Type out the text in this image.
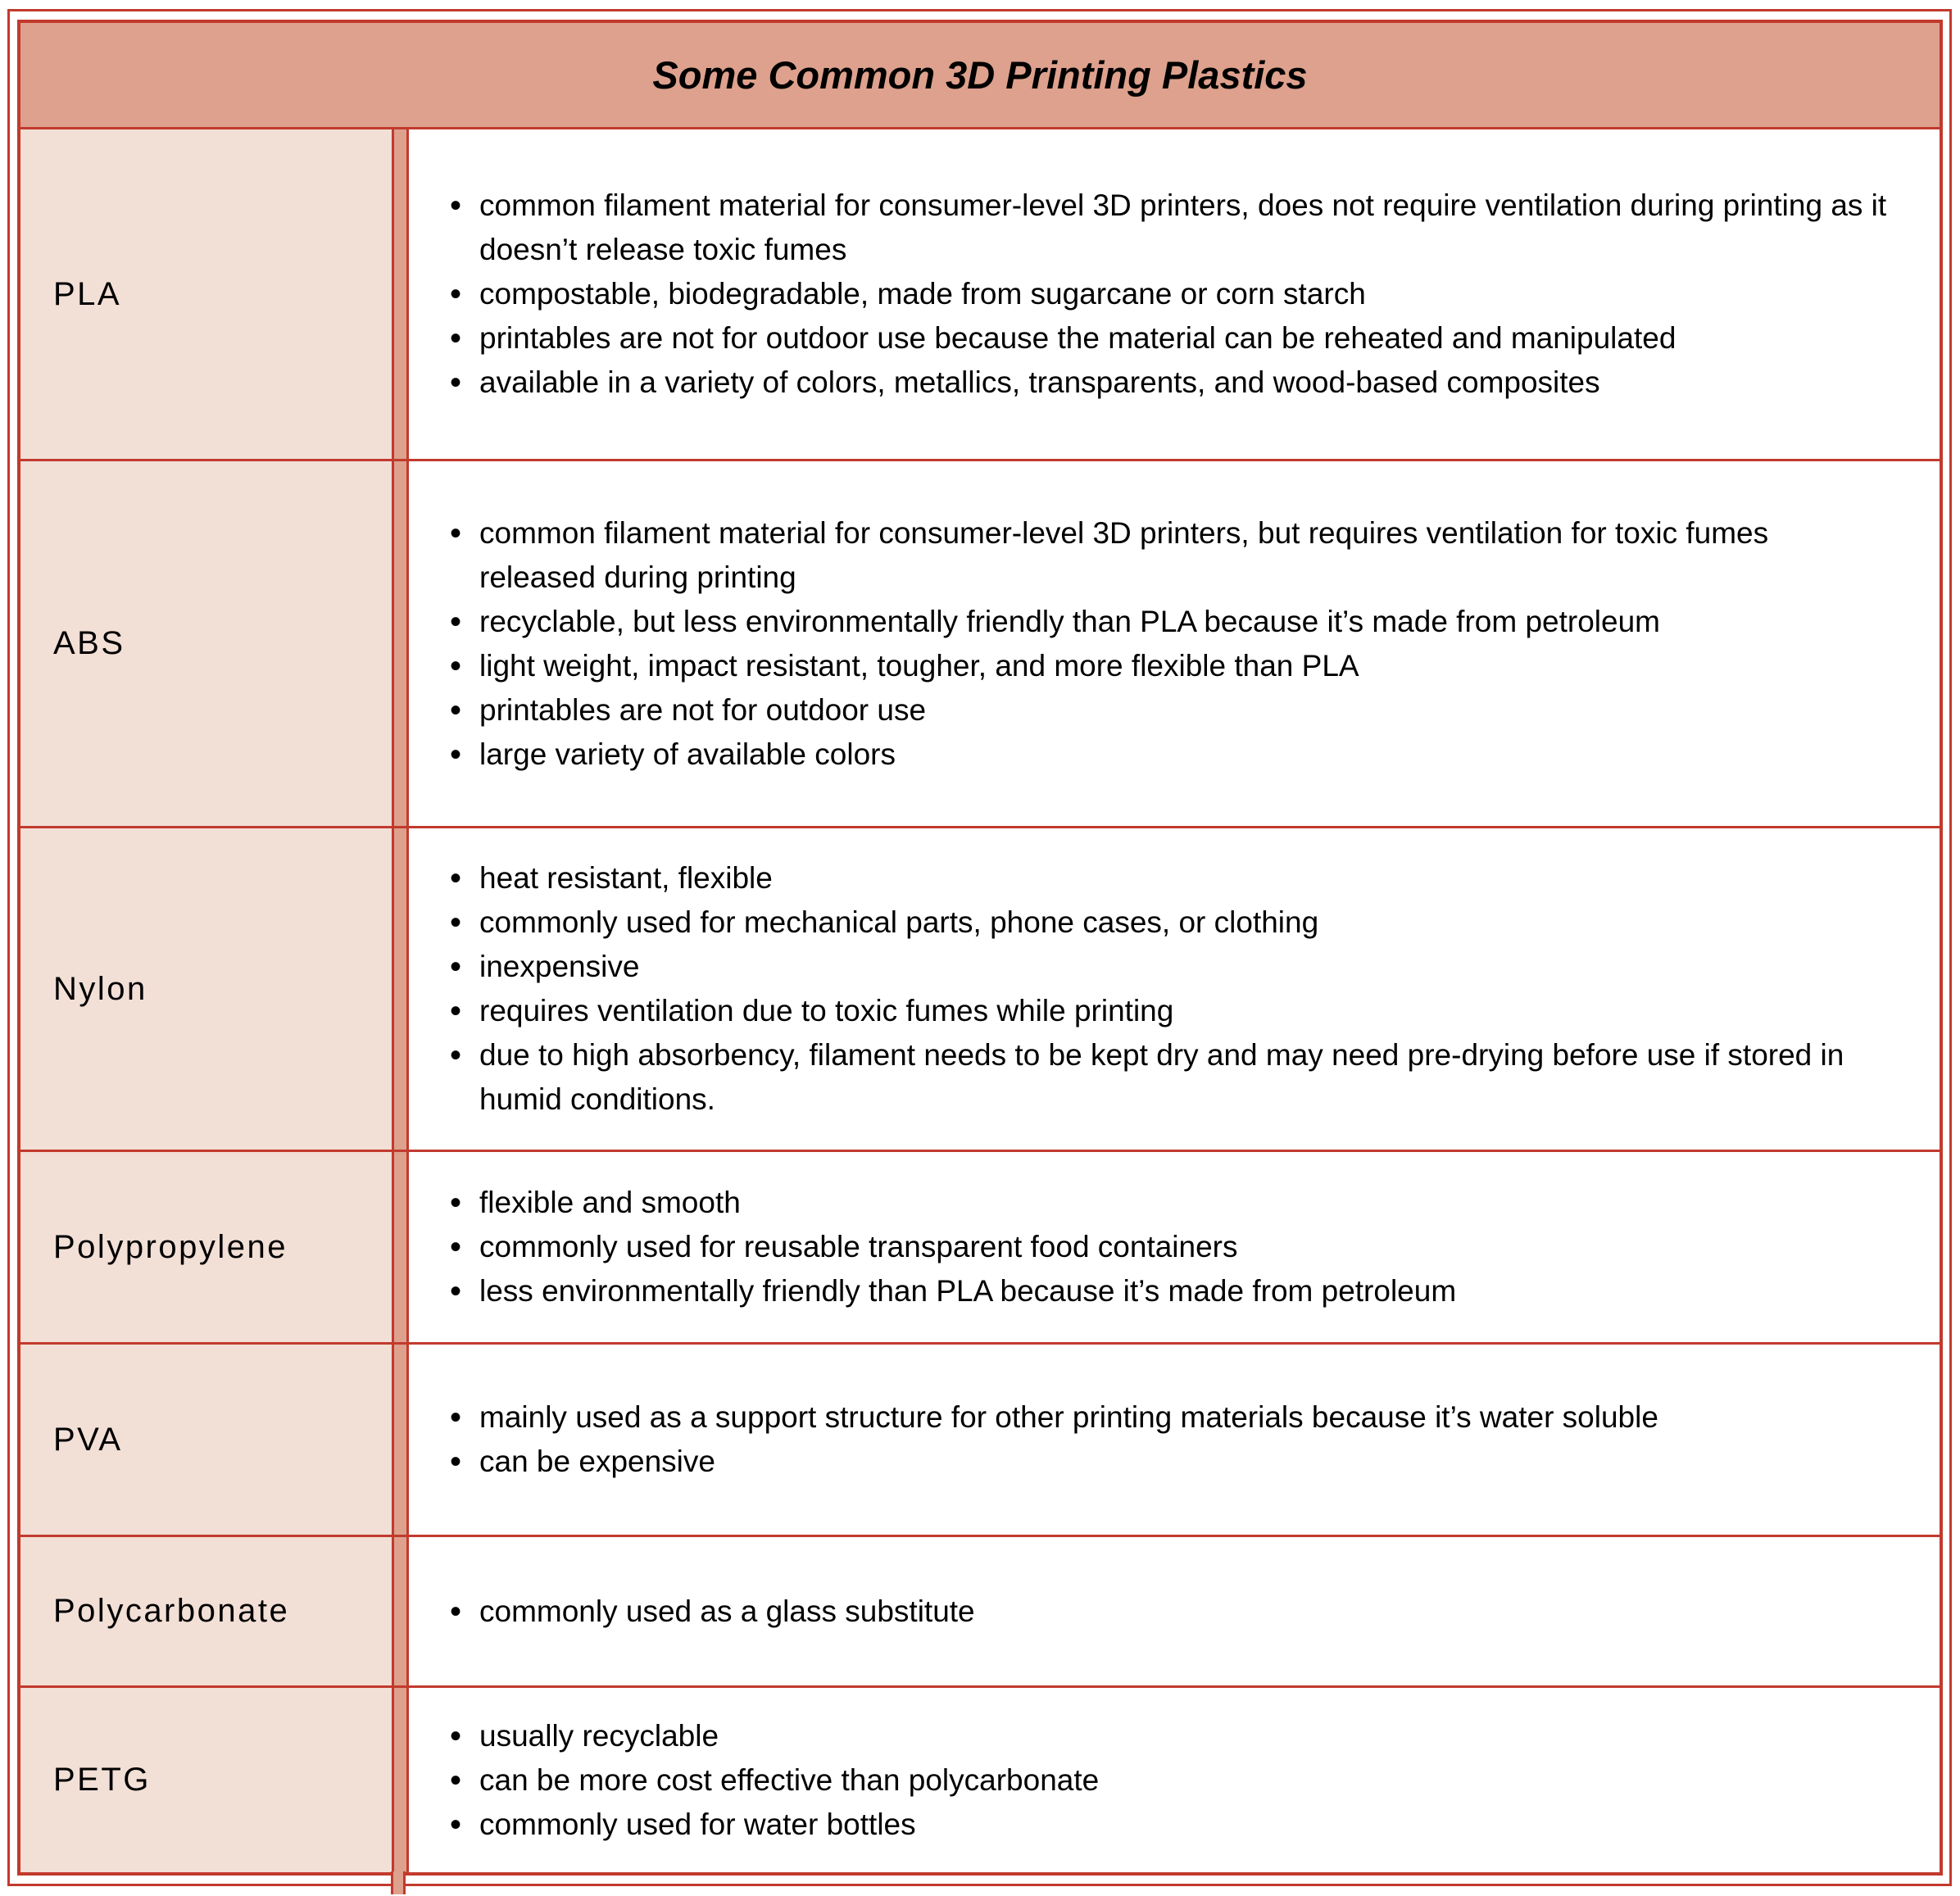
Some Common 3D Printing Plastics
PLA
• common filament material for consumer-level 3D printers, does not require ventilation during printing as it doesn’t release toxic fumes
• compostable, biodegradable, made from sugarcane or corn starch
• printables are not for outdoor use because the material can be reheated and manipulated
• available in a variety of colors, metallics, transparents, and wood-based composites
ABS
• common filament material for consumer-level 3D printers, but requires ventilation for toxic fumes released during printing
• recyclable, but less environmentally friendly than PLA because it’s made from petroleum
• light weight, impact resistant, tougher, and more flexible than PLA
• printables are not for outdoor use
• large variety of available colors
Nylon
• heat resistant, flexible
• commonly used for mechanical parts, phone cases, or clothing
• inexpensive
• requires ventilation due to toxic fumes while printing
• due to high absorbency, filament needs to be kept dry and may need pre-drying before use if stored in humid conditions.
Polypropylene
• flexible and smooth
• commonly used for reusable transparent food containers
• less environmentally friendly than PLA because it’s made from petroleum
PVA
• mainly used as a support structure for other printing materials because it’s water soluble
• can be expensive
Polycarbonate	• commonly used as a glass substitute
PETG
• usually recyclable
• can be more cost effective than polycarbonate
• commonly used for water bottles
